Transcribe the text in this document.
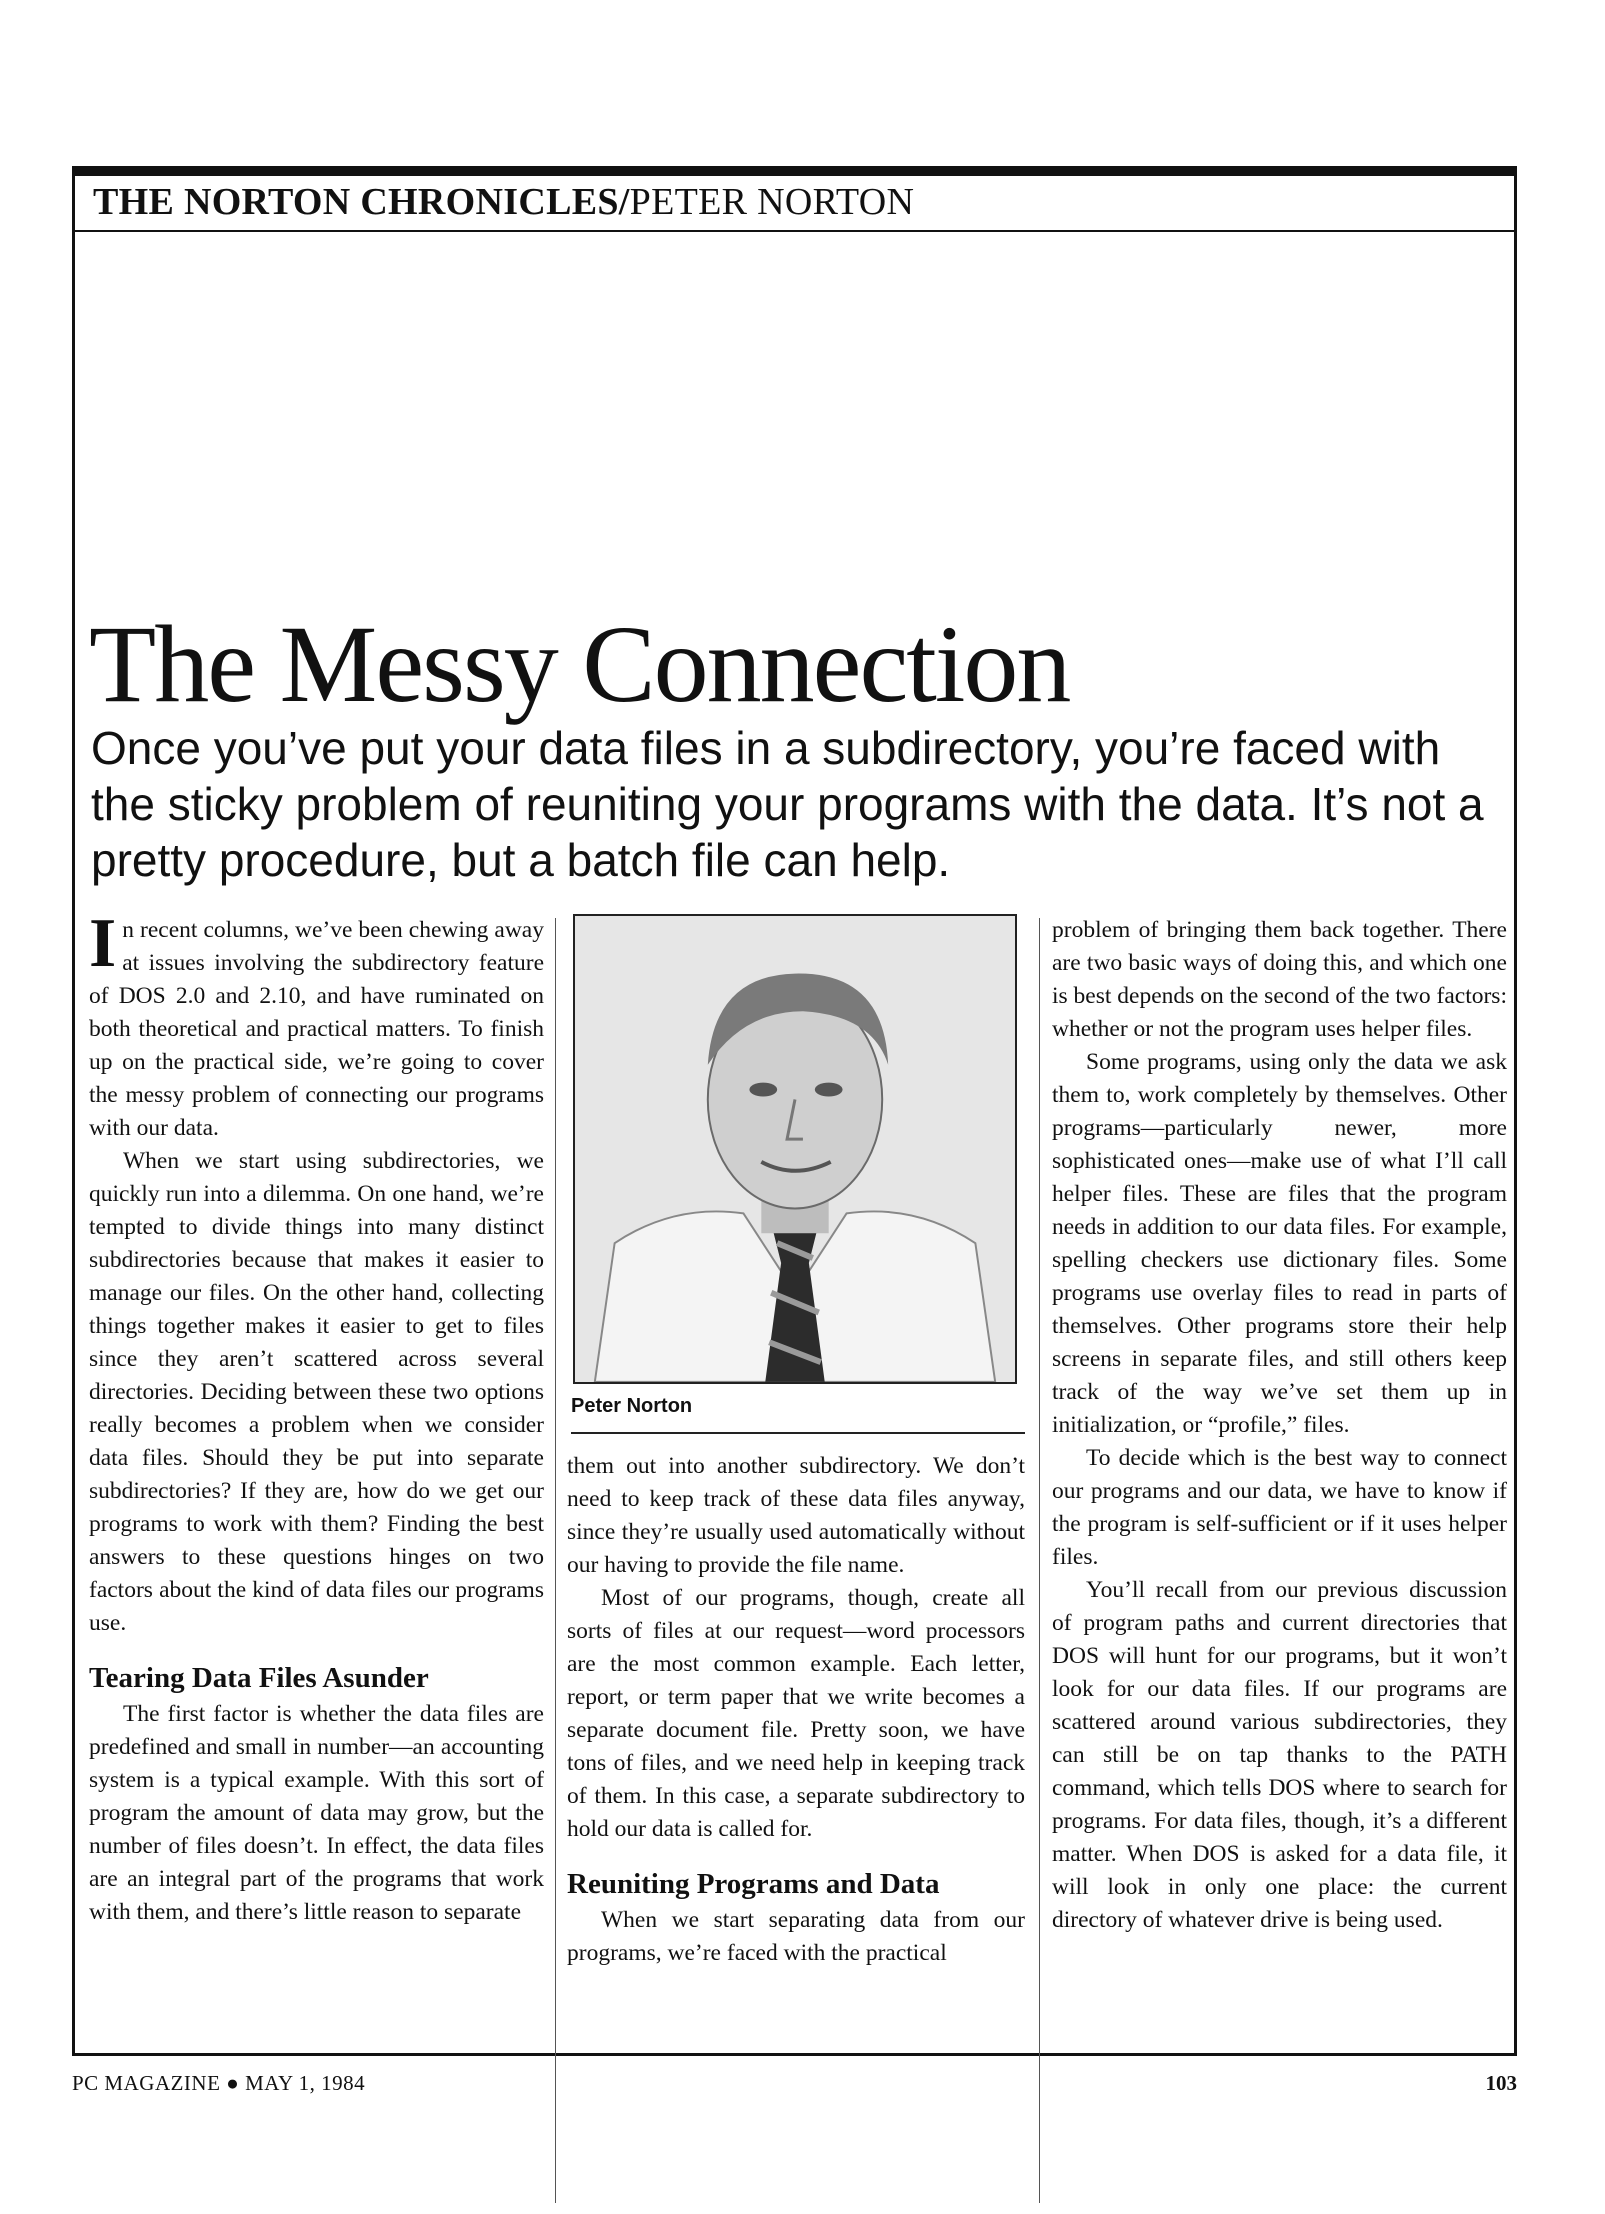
THE NORTON CHRONICLES/PETER NORTON
The Messy Connection

Once you’ve put your data files in a subdirectory, you’re faced with the sticky problem of reuniting your programs with the data. It’s not a pretty procedure, but a batch file can help.

In recent columns, we’ve been chewing away at issues involving the subdirectory feature of DOS 2.0 and 2.10, and have ruminated on both theoretical and practical matters. To finish up on the practical side, we’re going to cover the messy problem of connecting our programs with our data.

When we start using subdirectories, we quickly run into a dilemma. On one hand, we’re tempted to divide things into many distinct subdirectories because that makes it easier to manage our files. On the other hand, collecting things together makes it easier to get to files since they aren’t scattered across several directories. Deciding between these two options really becomes a problem when we consider data files. Should they be put into separate subdirectories? If they are, how do we get our programs to work with them? Finding the best answers to these questions hinges on two factors about the kind of data files our programs use.

Tearing Data Files Asunder

The first factor is whether the data files are predefined and small in number—an accounting system is a typical example. With this sort of program the amount of data may grow, but the number of files doesn’t. In effect, the data files are an integral part of the programs that work with them, and there’s little reason to separate

Peter Norton

them out into another subdirectory. We don’t need to keep track of these data files anyway, since they’re usually used automatically without our having to provide the file name.

Most of our programs, though, create all sorts of files at our request—word processors are the most common example. Each letter, report, or term paper that we write becomes a separate document file. Pretty soon, we have tons of files, and we need help in keeping track of them. In this case, a separate subdirectory to hold our data is called for.

Reuniting Programs and Data

When we start separating data from our programs, we’re faced with the practical

problem of bringing them back together. There are two basic ways of doing this, and which one is best depends on the second of the two factors: whether or not the program uses helper files.

Some programs, using only the data we ask them to, work completely by themselves. Other programs—particularly newer, more sophisticated ones—make use of what I’ll call helper files. These are files that the program needs in addition to our data files. For example, spelling checkers use dictionary files. Some programs use overlay files to read in parts of themselves. Other programs store their help screens in separate files, and still others keep track of the way we’ve set them up in initialization, or “profile,” files.

To decide which is the best way to connect our programs and our data, we have to know if the program is self-sufficient or if it uses helper files.

You’ll recall from our previous discussion of program paths and current directories that DOS will hunt for our programs, but it won’t look for our data files. If our programs are scattered around various subdirectories, they can still be on tap thanks to the PATH command, which tells DOS where to search for programs. For data files, though, it’s a different matter. When DOS is asked for a data file, it will look in only one place: the current directory of whatever drive is being used.

PC MAGAZINE ● MAY 1, 1984	103
